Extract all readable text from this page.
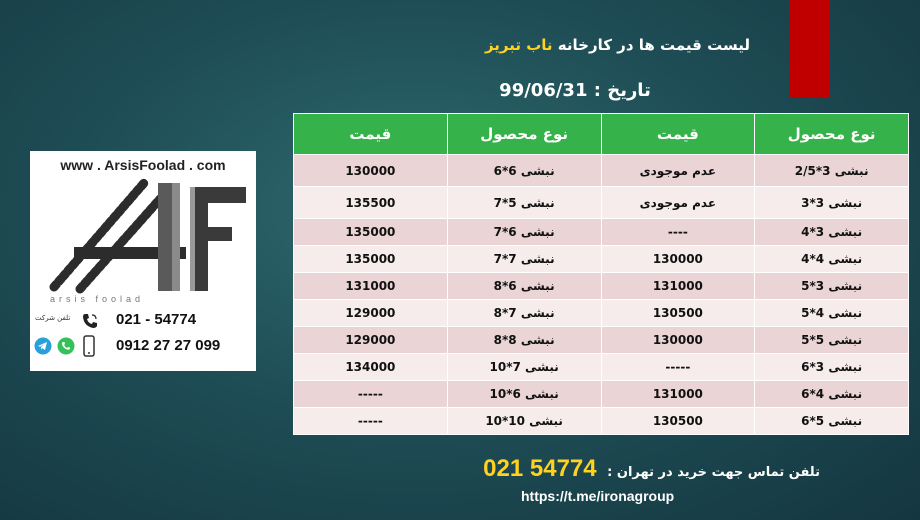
لیست قیمت ها در کارخانه ناب تبریز
تاریخ : 99/06/31
نوع محصول	قیمت	نوع محصول	قیمت
نبشی 3*2/5	عدم موجودی	نبشی 6*6	130000
نبشی 3*3	عدم موجودی	نبشی 5*7	135500
نبشی 3*4	----	نبشی 6*7	135000
نبشی 4*4	130000	نبشی 7*7	135000
نبشی 3*5	131000	نبشی 6*8	131000
نبشی 4*5	130500	نبشی 7*8	129000
نبشی 5*5	130000	نبشی 8*8	129000
نبشی 3*6	-----	نبشی 7*10	134000
نبشی 4*6	131000	نبشی 6*10	-----
نبشی 5*6	130500	نبشی 10*10	-----
www . ArsisFoolad . com
arsis foolad
تلفن شرکت	021 - 54774
0912 27 27 099
تلفن تماس جهت خرید در تهران : 021 54774
https://t.me/ironagroup
